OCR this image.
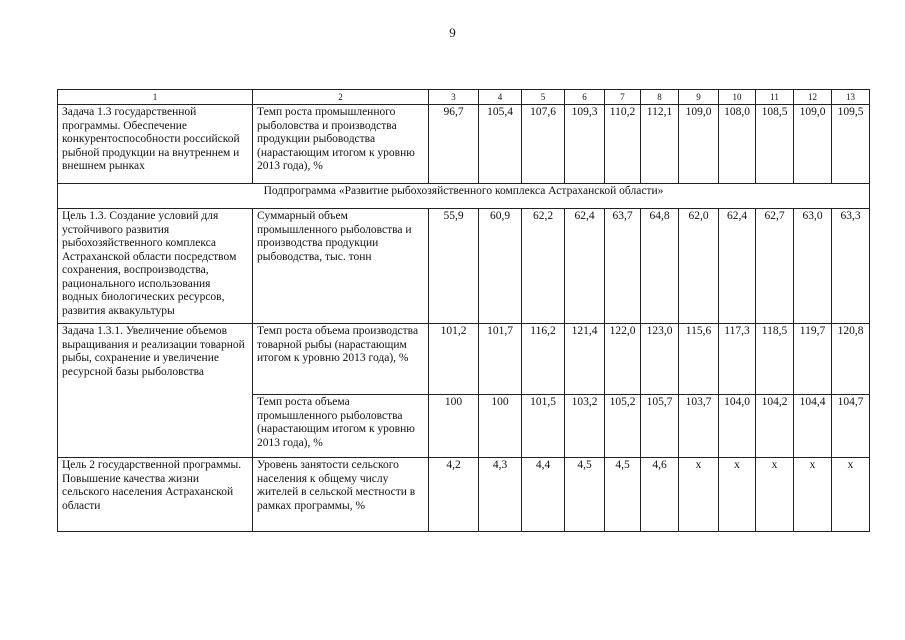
9
1	2	3	4	5	6	7	8	9	10	11	12	13
Задача 1.3 государственной программы. Обеспечение конкурентоспособности российской рыбной продукции на внутреннем и внешнем рынках	Темп роста промышленного рыболовства и производства продукции рыбоводства (нарастающим итогом к уровню 2013 года), %	96,7	105,4	107,6	109,3	110,2	112,1	109,0	108,0	108,5	109,0	109,5
Подпрограмма «Развитие рыбохозяйственного комплекса Астраханской области»												
Цель 1.3. Создание условий для устойчивого развития рыбохозяйственного комплекса Астраханской области посредством сохранения, воспроизводства, рационального использования водных биологических ресурсов, развития аквакультуры	Суммарный объем промышленного рыболовства и производства продукции рыбоводства, тыс. тонн	55,9	60,9	62,2	62,4	63,7	64,8	62,0	62,4	62,7	63,0	63,3
Задача 1.3.1. Увеличение объемов выращивания и реализации товарной рыбы, сохранение и увеличение ресурсной базы рыболовства	Темп роста объема производства товарной рыбы (нарастающим итогом к уровню 2013 года), %	101,2	101,7	116,2	121,4	122,0	123,0	115,6	117,3	118,5	119,7	120,8
	Темп роста объема промышленного рыболовства (нарастающим итогом к уровню 2013 года), %	100	100	101,5	103,2	105,2	105,7	103,7	104,0	104,2	104,4	104,7
Цель 2 государственной программы. Повышение качества жизни сельского населения Астраханской области	Уровень занятости сельского населения к общему числу жителей в сельской местности в рамках программы, %	4,2	4,3	4,4	4,5	4,5	4,6	х	х	х	х	х
